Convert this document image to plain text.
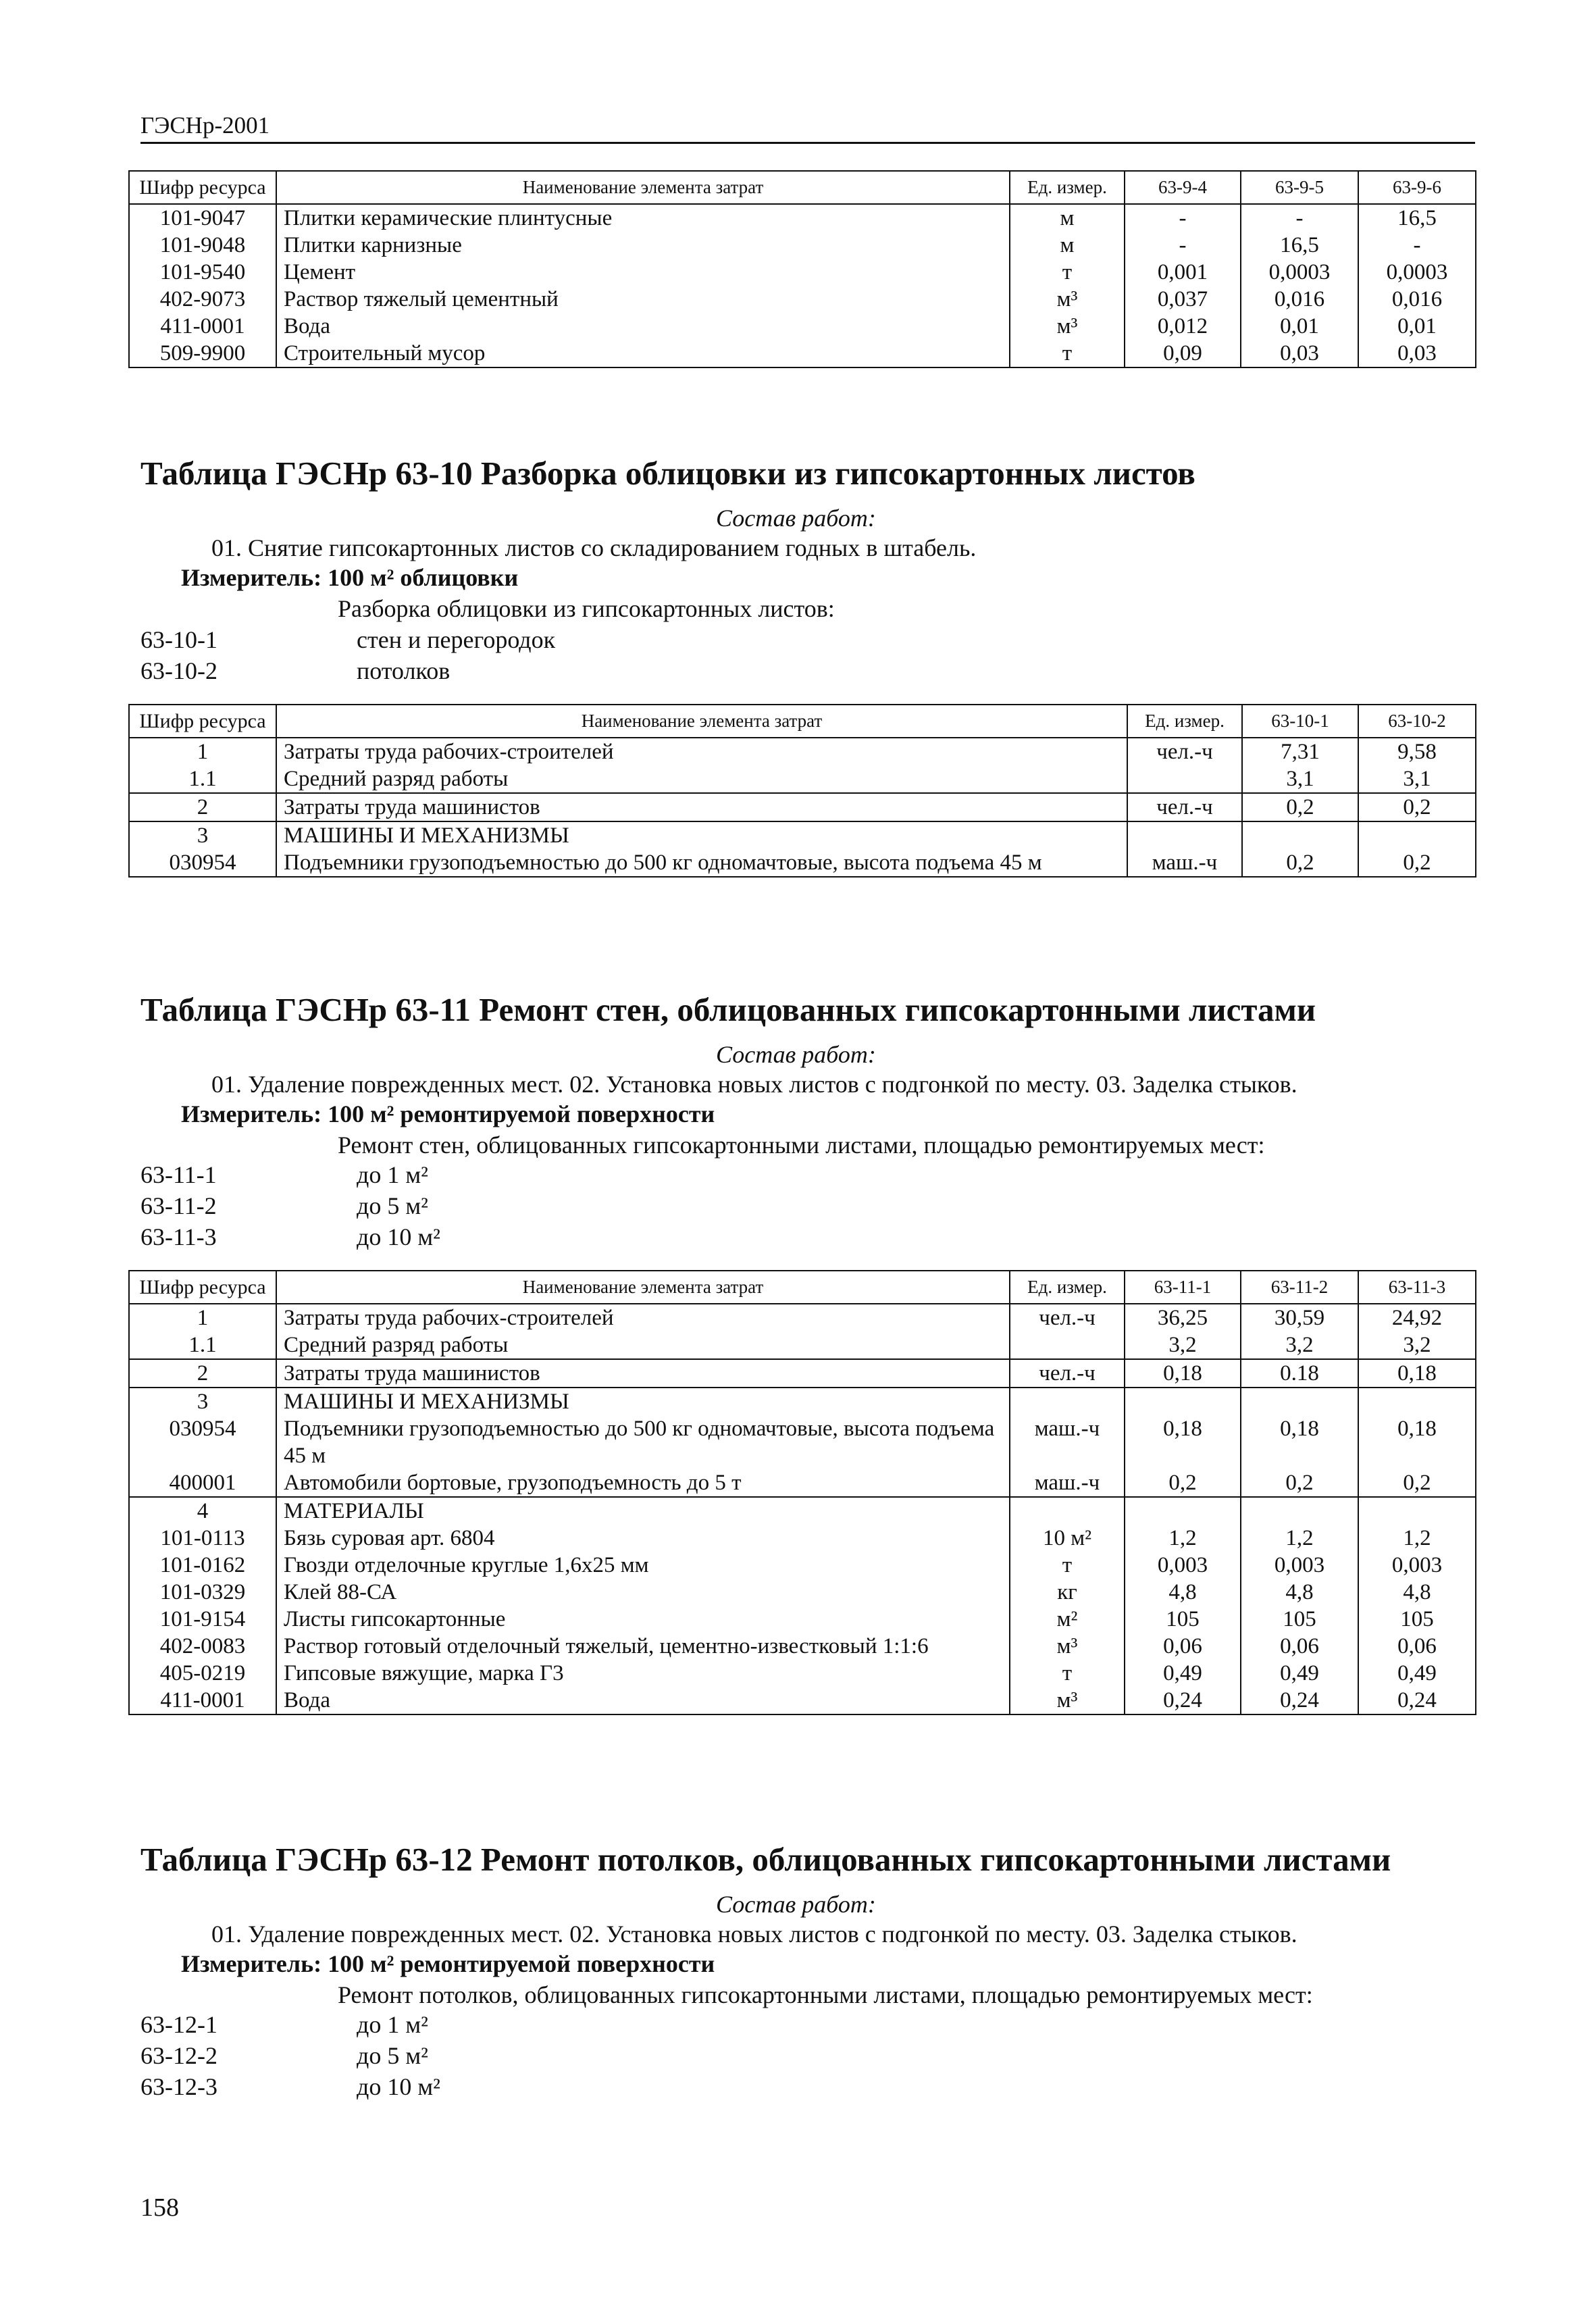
ГЭСНр-2001
Шифр ресурса	Наименование элемента затрат	Ед. измер.	63-9-4	63-9-5	63-9-6
101-9047	Плитки керамические плинтусные	м	-	-	16,5
101-9048	Плитки карнизные	м	-	16,5	-
101-9540	Цемент	т	0,001	0,0003	0,0003
402-9073	Раствор тяжелый цементный	м³	0,037	0,016	0,016
411-0001	Вода	м³	0,012	0,01	0,01
509-9900	Строительный мусор	т	0,09	0,03	0,03
Таблица ГЭСНр 63-10 Разборка облицовки из гипсокартонных листов
Состав работ:
01. Снятие гипсокартонных листов со складированием годных в штабель.
Измеритель: 100 м² облицовки
Разборка облицовки из гипсокартонных листов:
63-10-1	стен и перегородок
63-10-2	потолков
Шифр ресурса	Наименование элемента затрат	Ед. измер.	63-10-1	63-10-2
1	Затраты труда рабочих-строителей	чел.-ч	7,31	9,58
1.1	Средний разряд работы		3,1	3,1
2	Затраты труда машинистов	чел.-ч	0,2	0,2
3	МАШИНЫ И МЕХАНИЗМЫ			
030954	Подъемники грузоподъемностью до 500 кг одномачтовые, высота подъема 45 м	маш.-ч	0,2	0,2
Таблица ГЭСНр 63-11 Ремонт стен, облицованных гипсокартонными листами
Состав работ:
01. Удаление поврежденных мест. 02. Установка новых листов с подгонкой по месту. 03. Заделка стыков.
Измеритель: 100 м² ремонтируемой поверхности
Ремонт стен, облицованных гипсокартонными листами, площадью ремонтируемых мест:
63-11-1	до 1 м²
63-11-2	до 5 м²
63-11-3	до 10 м²
Шифр ресурса	Наименование элемента затрат	Ед. измер.	63-11-1	63-11-2	63-11-3
1	Затраты труда рабочих-строителей	чел.-ч	36,25	30,59	24,92
1.1	Средний разряд работы		3,2	3,2	3,2
2	Затраты труда машинистов	чел.-ч	0,18	0.18	0,18
3	МАШИНЫ И МЕХАНИЗМЫ				
030954	Подъемники грузоподъемностью до 500 кг одномачтовые, высота подъема 45 м	маш.-ч	0,18	0,18	0,18
400001	Автомобили бортовые, грузоподъемность до 5 т	маш.-ч	0,2	0,2	0,2
4	МАТЕРИАЛЫ				
101-0113	Бязь суровая арт. 6804	10 м²	1,2	1,2	1,2
101-0162	Гвозди отделочные круглые 1,6х25 мм	т	0,003	0,003	0,003
101-0329	Клей 88-СА	кг	4,8	4,8	4,8
101-9154	Листы гипсокартонные	м²	105	105	105
402-0083	Раствор готовый отделочный тяжелый, цементно-известковый 1:1:6	м³	0,06	0,06	0,06
405-0219	Гипсовые вяжущие, марка Г3	т	0,49	0,49	0,49
411-0001	Вода	м³	0,24	0,24	0,24
Таблица ГЭСНр 63-12 Ремонт потолков, облицованных гипсокартонными листами
Состав работ:
01. Удаление поврежденных мест. 02. Установка новых листов с подгонкой по месту. 03. Заделка стыков.
Измеритель: 100 м² ремонтируемой поверхности
Ремонт потолков, облицованных гипсокартонными листами, площадью ремонтируемых мест:
63-12-1	до 1 м²
63-12-2	до 5 м²
63-12-3	до 10 м²
158
